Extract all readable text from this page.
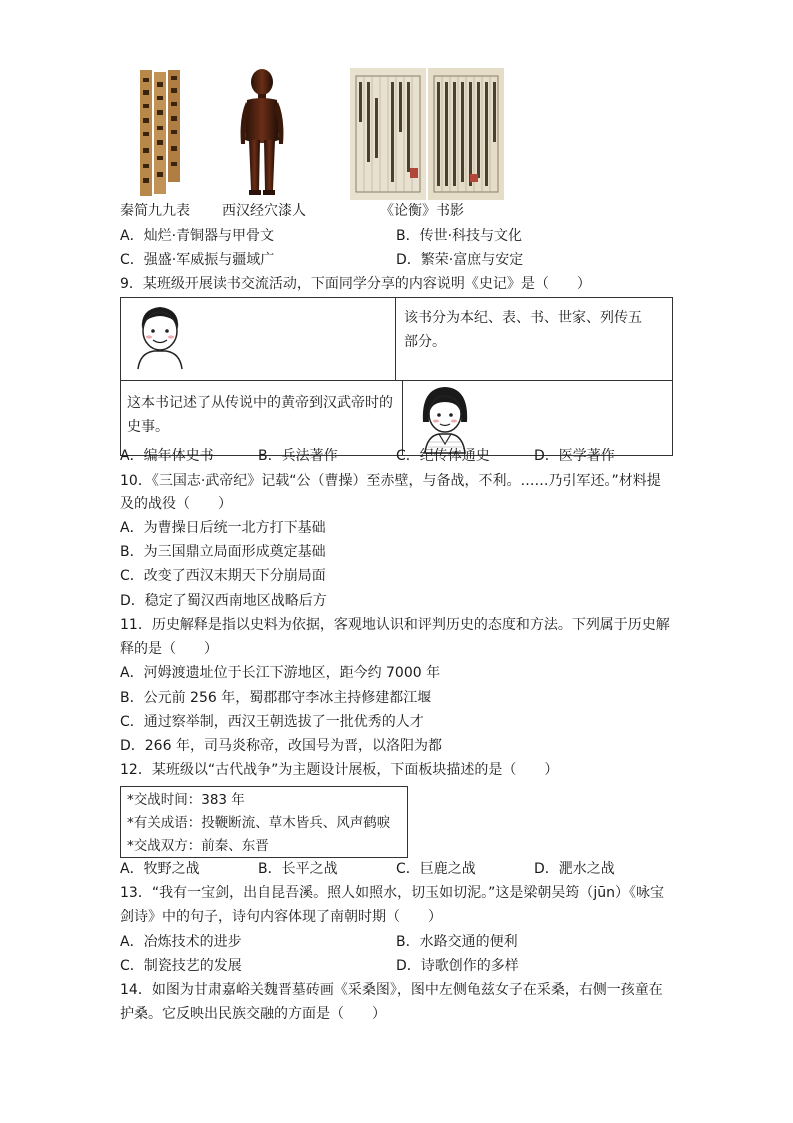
秦简九九表 西汉经穴漆人	《论衡》书影
A．灿烂·青铜器与甲骨文	B．传世·科技与文化
C．强盛·军威振与疆域广	D．繁荣·富庶与安定
9．某班级开展读书交流活动，下面同学分享的内容说明《史记》是（　　）

该书分为本纪、表、书、世家、列传五部分。

这本书记述了从传说中的黄帝到汉武帝时的史事。
A．编年体史书	B．兵法著作	C．纪传体通史	D．医学著作
10．《三国志·武帝纪》记载“公（曹操）至赤壁，与备战，不利。……乃引军还。”材料提
及的战役（　　）
A．为曹操日后统一北方打下基础
B．为三国鼎立局面形成奠定基础
C．改变了西汉末期天下分崩局面
D．稳定了蜀汉西南地区战略后方
11．历史解释是指以史料为依据，客观地认识和评判历史的态度和方法。下列属于历史解
释的是（　　）
A．河姆渡遗址位于长江下游地区，距今约 7000 年
B．公元前 256 年，蜀郡郡守李冰主持修建都江堰
C．通过察举制，西汉王朝选拔了一批优秀的人才
D．266 年，司马炎称帝，改国号为晋，以洛阳为都
12．某班级以“古代战争”为主题设计展板，下面板块描述的是（　　）
*交战时间：383 年
*有关成语：投鞭断流、草木皆兵、风声鹤唳
*交战双方：前秦、东晋
A．牧野之战	B．长平之战	C．巨鹿之战	D．淝水之战
13．“我有一宝剑，出自昆吾溪。照人如照水，切玉如切泥。”这是梁朝吴筠（jūn）《咏宝
剑诗》中的句子，诗句内容体现了南朝时期（　　）
A．冶炼技术的进步	B．水路交通的便利
C．制瓷技艺的发展	D．诗歌创作的多样
14．如图为甘肃嘉峪关魏晋墓砖画《采桑图》，图中左侧龟兹女子在采桑，右侧一孩童在
护桑。它反映出民族交融的方面是（　　）
